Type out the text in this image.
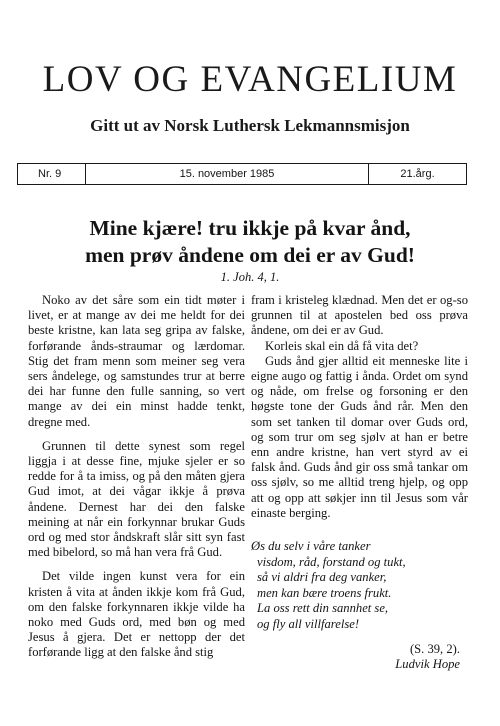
LOV OG EVANGELIUM
Gitt ut av Norsk Luthersk Lekmannsmisjon
Nr. 9	15. november 1985	21.årg.
Mine kjære! tru ikkje på kvar ånd,
men prøv åndene om dei er av Gud!
1. Joh. 4, 1.

Noko av det såre som ein tidt møter i livet, er at mange av dei me heldt for dei beste kristne, kan lata seg gripa av falske, forførande ånds-straumar og lærdomar. Stig det fram menn som meiner seg vera sers åndelege, og samstundes trur at berre dei har funne den fulle sanning, so vert mange av dei ein minst hadde tenkt, dregne med.

Grunnen til dette synest som regel liggja i at desse fine, mjuke sjeler er so redde for å ta imiss, og på den måten gjera Gud imot, at dei vågar ikkje å prøva åndene. Dernest har dei den falske meining at når ein forkynnar brukar Guds ord og med stor åndskraft slår sitt syn fast med bibelord, so må han vera frå Gud.

Det vilde ingen kunst vera for ein kristen å vita at ånden ikkje kom frå Gud, om den falske forkynnaren ikkje vilde ha noko med Guds ord, med bøn og med Jesus å gjera. Det er nettopp der det forførande ligg at den falske ånd stig

fram i kristeleg klædnad. Men det er og-so grunnen til at apostelen bed oss prøva åndene, om dei er av Gud.

Korleis skal ein då få vita det?

Guds ånd gjer alltid eit menneske lite i eigne augo og fattig i ånda. Ordet om synd og nåde, om frelse og forsoning er den høgste tone der Guds ånd rår. Men den som set tanken til domar over Guds ord, og som trur om seg sjølv at han er betre enn andre kristne, han vert styrd av ei falsk ånd. Guds ånd gir oss små tankar om oss sjølv, so me alltid treng hjelp, og opp att og opp att søkjer inn til Jesus som vår einaste berging.

Øs du selv i våre tanker
visdom, råd, forstand og tukt,
så vi aldri fra deg vanker,
men kan bære troens frukt.
La oss rett din sannhet se,
og fly all villfarelse!
(S. 39, 2).
Ludvik Hope
